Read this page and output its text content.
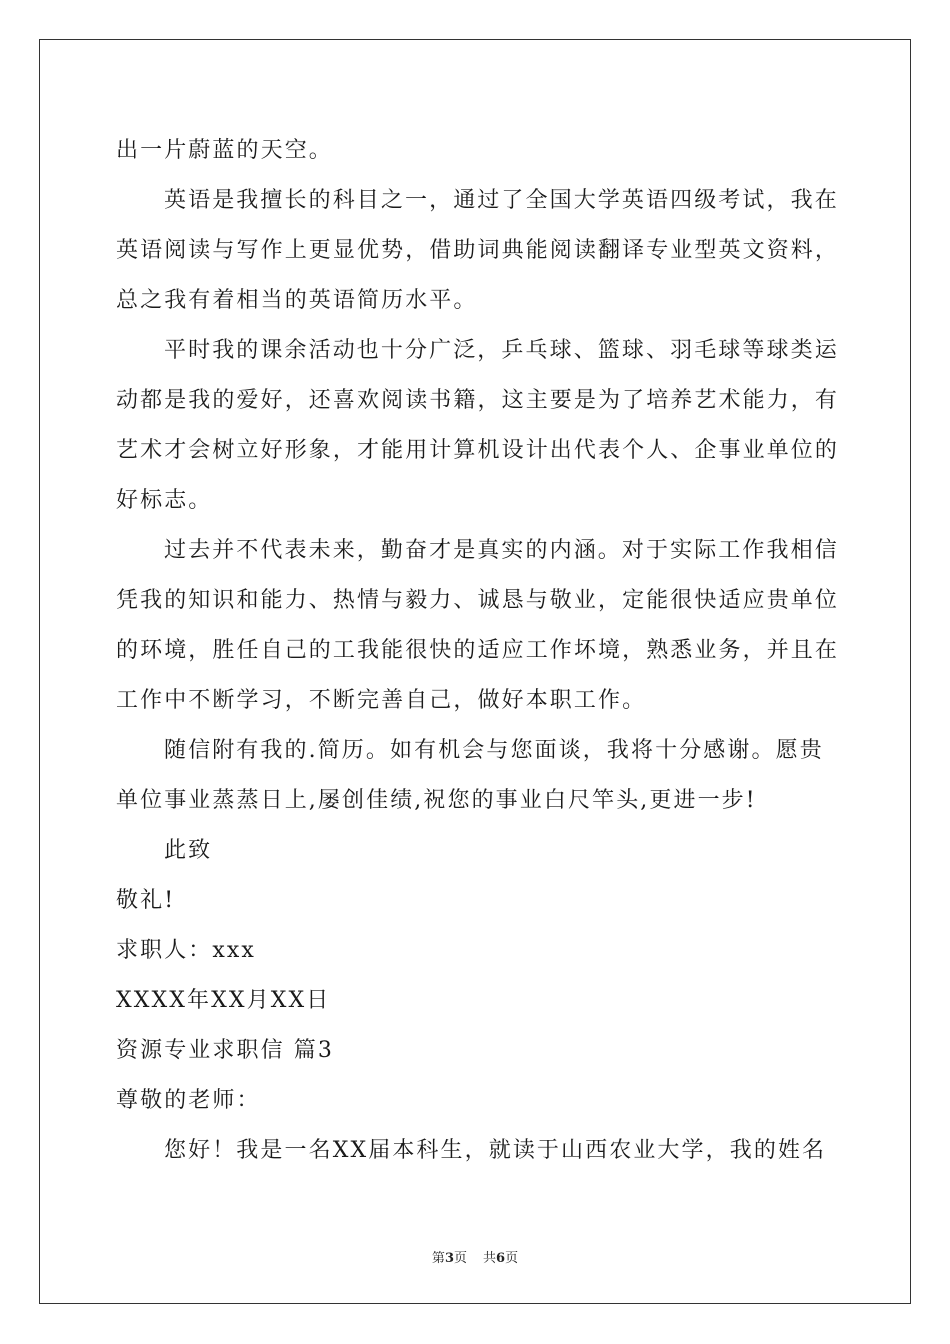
出一片蔚蓝的天空。
英语是我擅长的科目之一，通过了全国大学英语四级考试，我在
英语阅读与写作上更显优势，借助词典能阅读翻译专业型英文资料，
总之我有着相当的英语简历水平。
平时我的课余活动也十分广泛，乒乓球、篮球、羽毛球等球类运
动都是我的爱好，还喜欢阅读书籍，这主要是为了培养艺术能力，有
艺术才会树立好形象，才能用计算机设计出代表个人、企事业单位的
好标志。
过去并不代表未来，勤奋才是真实的内涵。对于实际工作我相信
凭我的知识和能力、热情与毅力、诚恳与敬业，定能很快适应贵单位
的环境，胜任自己的工我能很快的适应工作坏境，熟悉业务，并且在
工作中不断学习，不断完善自己，做好本职工作。
随信附有我的.简历。如有机会与您面谈，我将十分感谢。愿贵
单位事业蒸蒸日上,屡创佳绩,祝您的事业白尺竿头,更进一步!
此致
敬礼!
求职人：xxx
XXXX年XX月XX日
资源专业求职信 篇3
尊敬的老师：
您好！我是一名XX届本科生，就读于山西农业大学，我的姓名
第3页 共6页
